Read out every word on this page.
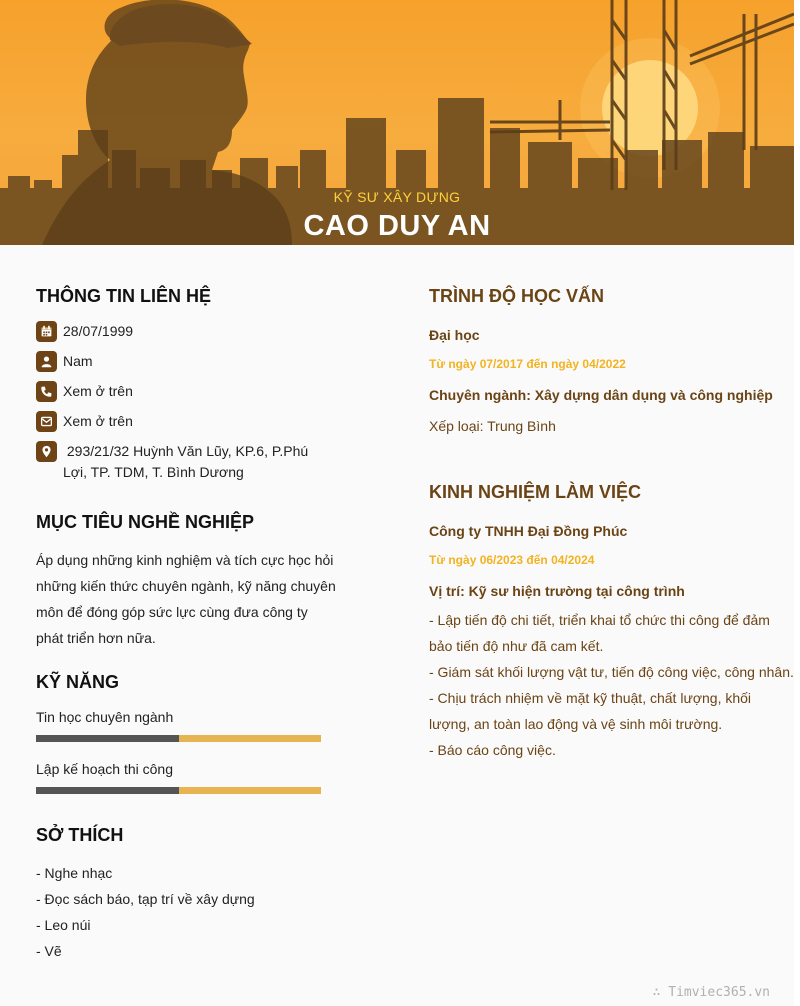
KỸ SƯ XÂY DỰNG
CAO DUY AN
THÔNG TIN LIÊN HỆ
28/07/1999
Nam
Xem ở trên
Xem ở trên
293/21/32 Huỳnh Văn Lũy, KP.6, P.Phú Lợi, TP. TDM, T. Bình Dương
MỤC TIÊU NGHỀ NGHIỆP

Áp dụng những kinh nghiệm và tích cực học hỏi những kiến thức chuyên ngành, kỹ năng chuyên môn để đóng góp sức lực cùng đưa công ty phát triển hơn nữa.

KỸ NĂNG
Tin học chuyên ngành
Lập kế hoạch thi công
SỞ THÍCH
- Nghe nhạc
- Đọc sách báo, tạp trí về xây dựng
- Leo núi
- Vẽ
TRÌNH ĐỘ HỌC VẤN
Đại học
Từ ngày 07/2017 đến ngày 04/2022
Chuyên ngành: Xây dựng dân dụng và công nghiệp
Xếp loại: Trung Bình
KINH NGHIỆM LÀM VIỆC
Công ty TNHH Đại Đồng Phúc
Từ ngày 06/2023 đến 04/2024
Vị trí: Kỹ sư hiện trường tại công trình
- Lập tiến độ chi tiết, triển khai tổ chức thi công để đảm bảo tiến độ như đã cam kết.
- Giám sát khối lượng vật tư, tiến độ công việc, công nhân.
- Chịu trách nhiệm về mặt kỹ thuật, chất lượng, khối lượng, an toàn lao động và vệ sinh môi trường.
- Báo cáo công việc.
∴ Timviec365.vn
